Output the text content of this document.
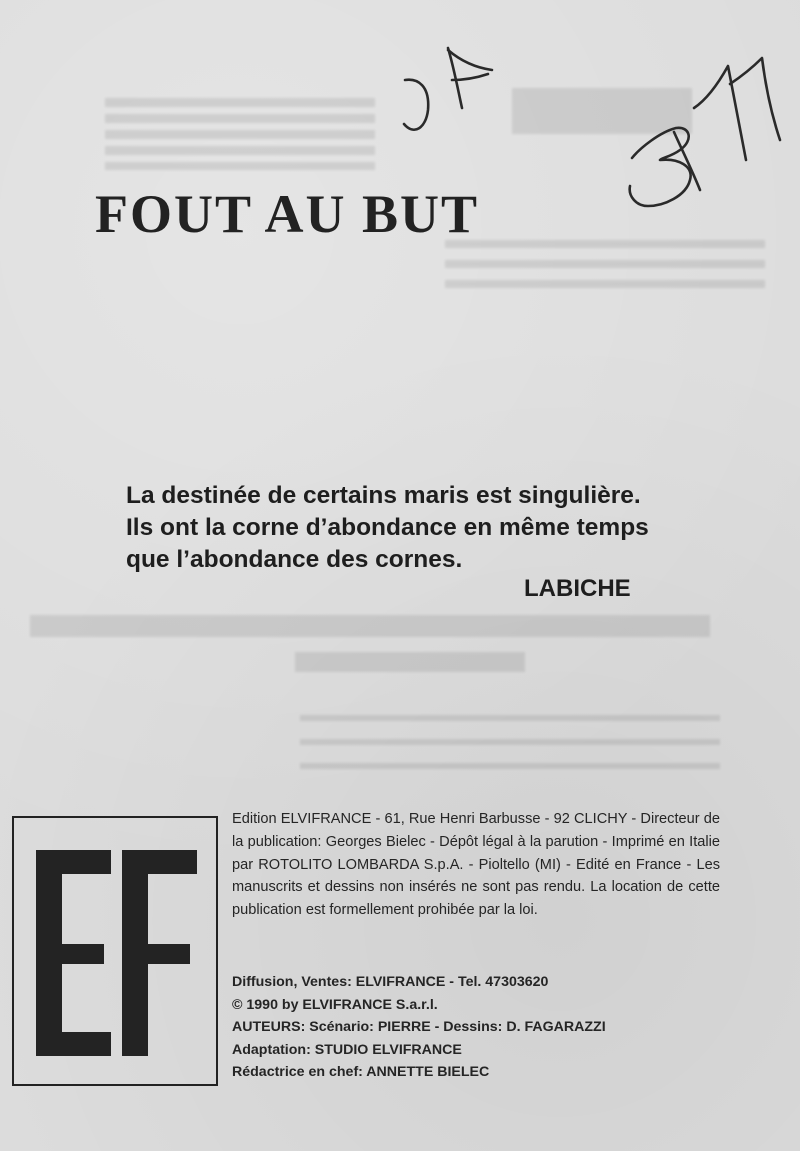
FOUT AU BUT
La destinée de certains maris est singulière.
Ils ont la corne d’abondance en même temps
que l’abondance des cornes.
LABICHE

Edition ELVIFRANCE - 61, Rue Henri Barbusse - 92 CLICHY - Directeur de la publication: Georges Bielec - Dépôt légal à la parution - Imprimé en Italie par ROTOLITO LOMBARDA S.p.A. - Pioltello (MI) - Edité en France - Les manuscrits et dessins non insérés ne sont pas rendu. La location de cette publication est formellement prohibée par la loi.

Diffusion, Ventes: ELVIFRANCE - Tel. 47303620
© 1990 by ELVIFRANCE S.a.r.l.
AUTEURS: Scénario: PIERRE - Dessins: D. FAGARAZZI
Adaptation: STUDIO ELVIFRANCE
Rédactrice en chef: ANNETTE BIELEC
